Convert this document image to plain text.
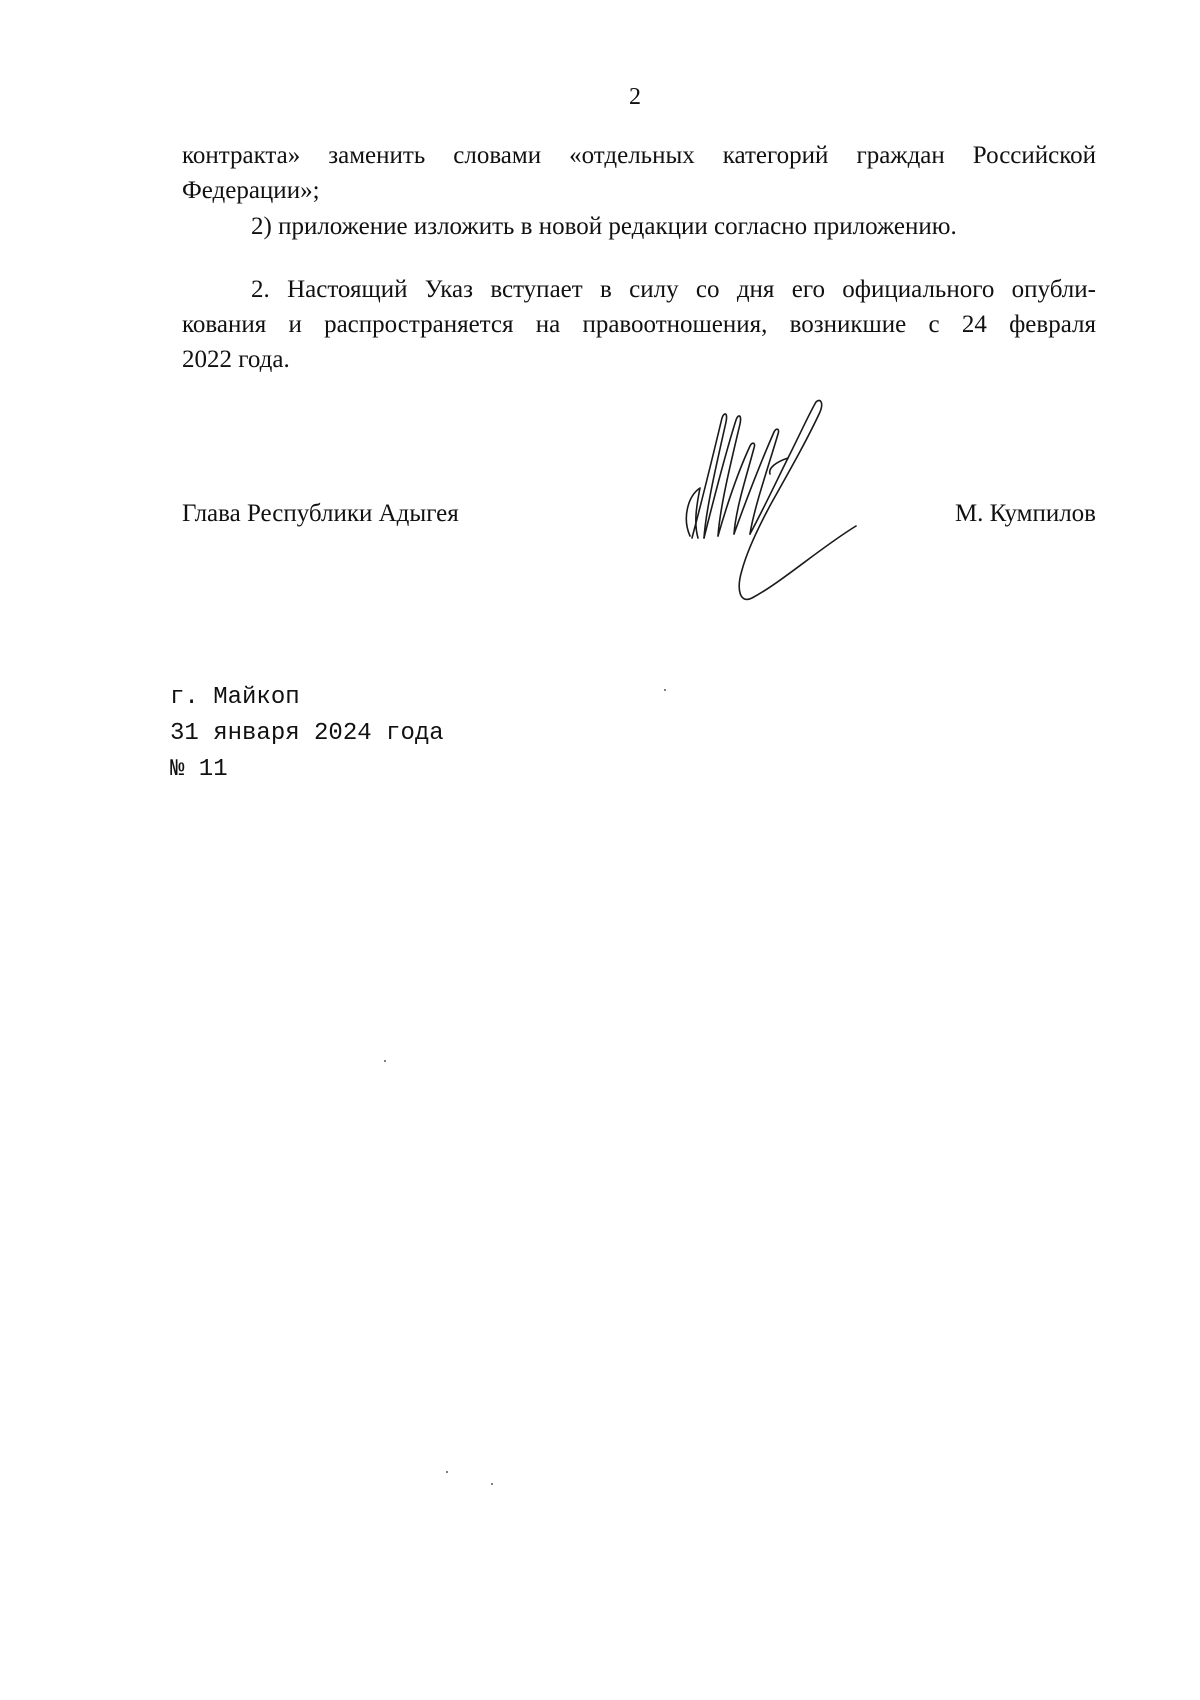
2
контракта» заменить словами «отдельных категорий граждан Российской
Федерации»;
2) приложение изложить в новой редакции согласно приложению.
2. Настоящий Указ вступает в силу со дня его официального опубли-
кования и распространяется на правоотношения, возникшие с 24 февраля
2022 года.
Глава Республики Адыгея	М. Кумпилов
г. Майкоп
31 января 2024 года
№ 11
